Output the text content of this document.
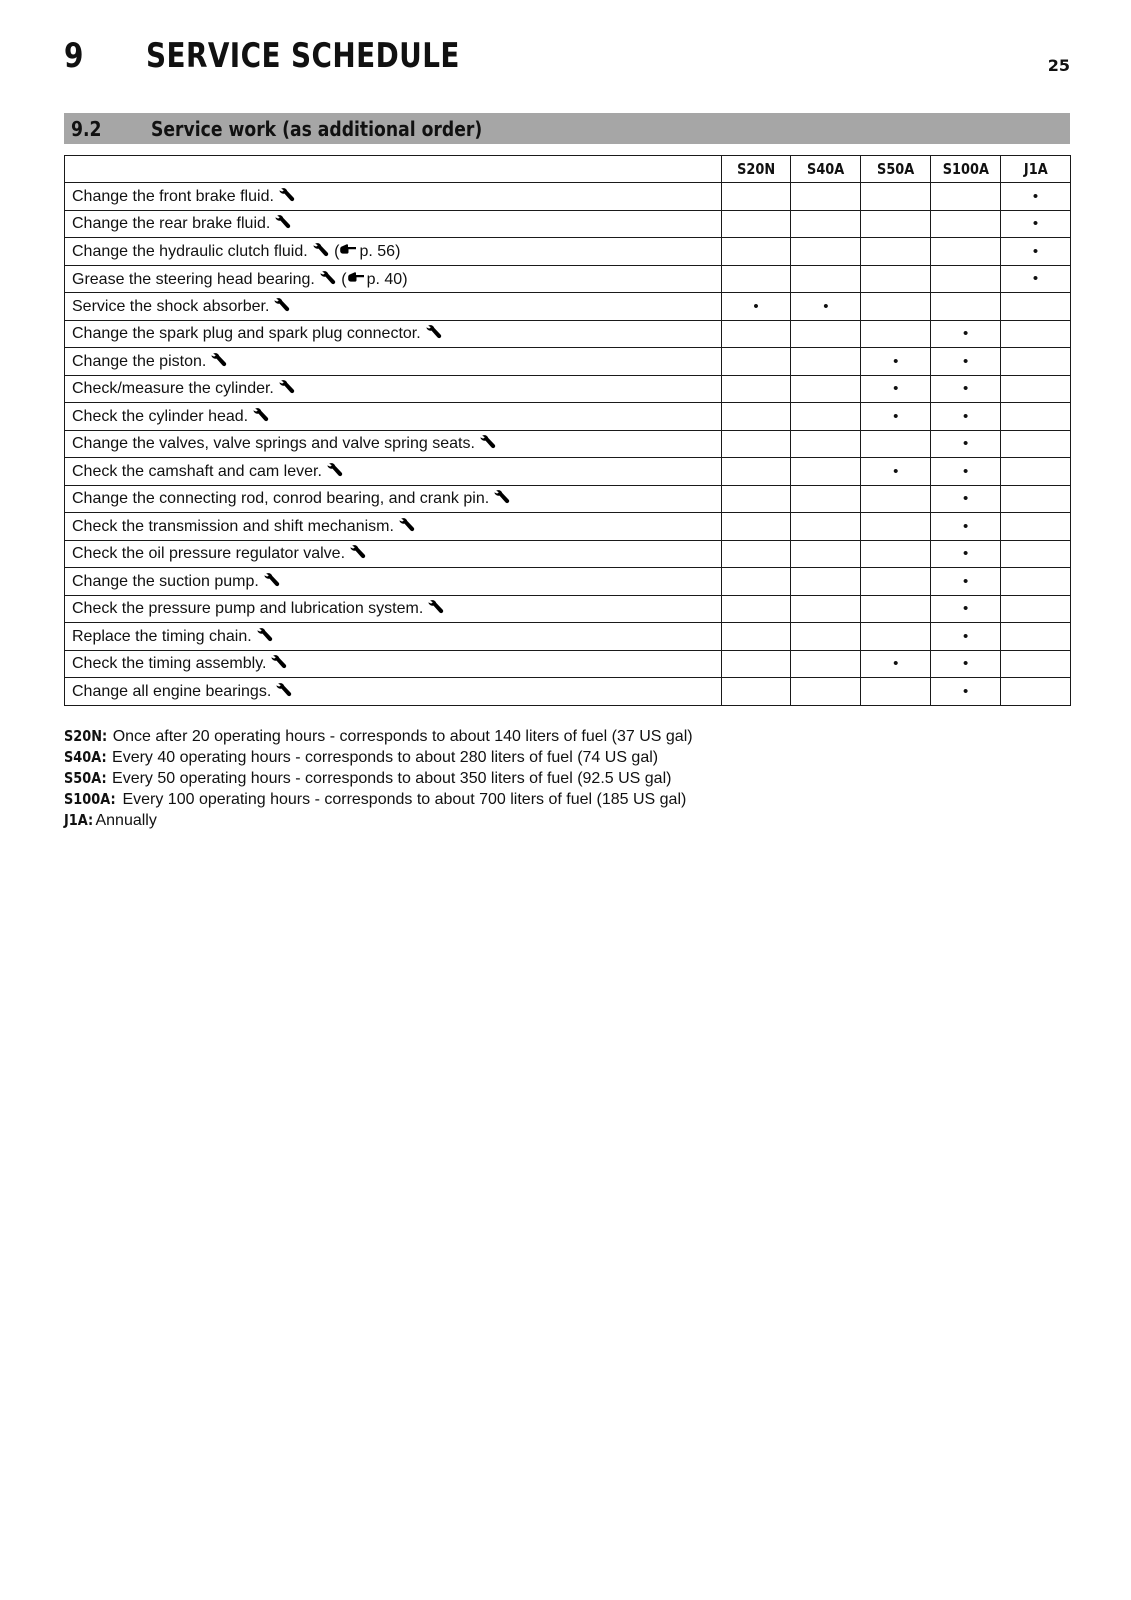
9 SERVICE SCHEDULE	25
9.2 Service work (as additional order)
	S20N	S40A	S50A	S100A	J1A
Change the front brake fluid.					•
Change the rear brake fluid.					•
Change the hydraulic clutch fluid. ( p. 56)					•
Grease the steering head bearing. ( p. 40)					•
Service the shock absorber.	•	•			
Change the spark plug and spark plug connector.				•	
Change the piston.			•	•	
Check/measure the cylinder.			•	•	
Check the cylinder head.			•	•	
Change the valves, valve springs and valve spring seats.				•	
Check the camshaft and cam lever.			•	•	
Change the connecting rod, conrod bearing, and crank pin.				•	
Check the transmission and shift mechanism.				•	
Check the oil pressure regulator valve.				•	
Change the suction pump.				•	
Check the pressure pump and lubrication system.				•	
Replace the timing chain.				•	
Check the timing assembly.			•	•	
Change all engine bearings.				•	
S20N: Once after 20 operating hours - corresponds to about 140 liters of fuel (37 US gal)
S40A: Every 40 operating hours - corresponds to about 280 liters of fuel (74 US gal)
S50A: Every 50 operating hours - corresponds to about 350 liters of fuel (92.5 US gal)
S100A: Every 100 operating hours - corresponds to about 700 liters of fuel (185 US gal)
J1A: Annually
